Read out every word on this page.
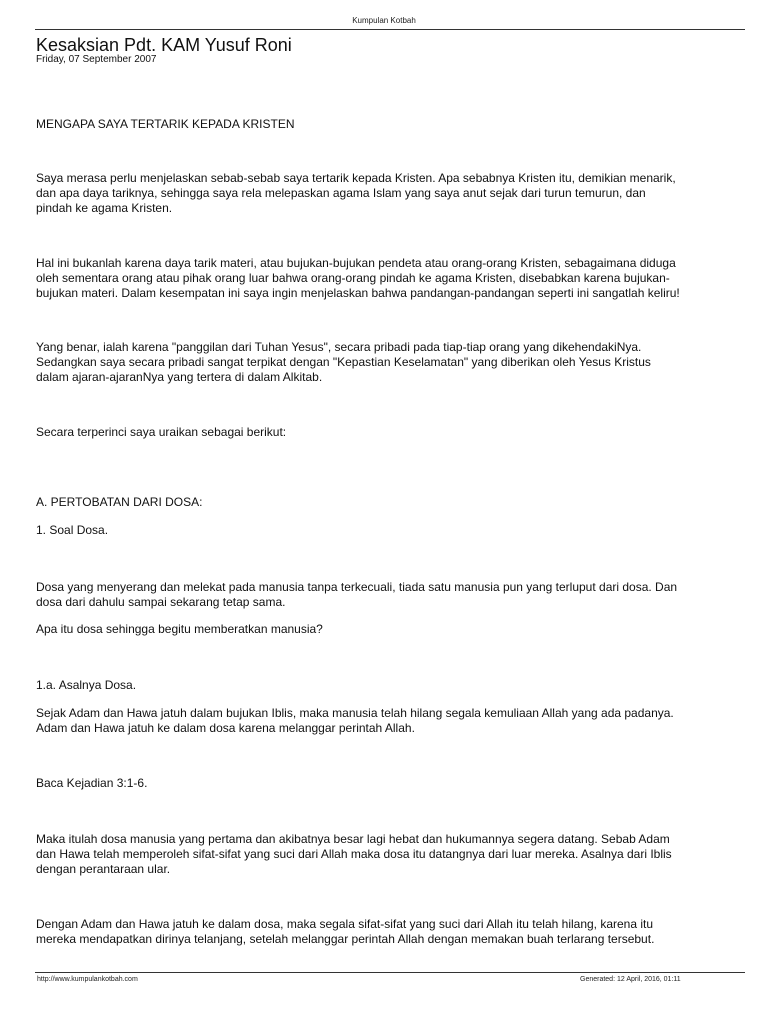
Kumpulan Kotbah
Kesaksian Pdt. KAM Yusuf Roni
Friday, 07 September 2007
MENGAPA SAYA TERTARIK KEPADA KRISTEN
Saya merasa perlu menjelaskan sebab-sebab saya tertarik kepada Kristen. Apa sebabnya Kristen itu, demikian menarik,
dan apa daya tariknya, sehingga saya rela melepaskan agama Islam yang saya anut sejak dari turun temurun, dan
pindah ke agama Kristen.
Hal ini bukanlah karena daya tarik materi, atau bujukan-bujukan pendeta atau orang-orang Kristen, sebagaimana diduga
oleh sementara orang atau pihak orang luar bahwa orang-orang pindah ke agama Kristen, disebabkan karena bujukan-
bujukan materi. Dalam kesempatan ini saya ingin menjelaskan bahwa pandangan-pandangan seperti ini sangatlah keliru!
Yang benar, ialah karena "panggilan dari Tuhan Yesus", secara pribadi pada tiap-tiap orang yang dikehendakiNya.
Sedangkan saya secara pribadi sangat terpikat dengan "Kepastian Keselamatan" yang diberikan oleh Yesus Kristus
dalam ajaran-ajaranNya yang tertera di dalam Alkitab.
Secara terperinci saya uraikan sebagai berikut:
A. PERTOBATAN DARI DOSA:
1. Soal Dosa.
Dosa yang menyerang dan melekat pada manusia tanpa terkecuali, tiada satu manusia pun yang terluput dari dosa. Dan
dosa dari dahulu sampai sekarang tetap sama.
Apa itu dosa sehingga begitu memberatkan manusia?
1.a. Asalnya Dosa.
Sejak Adam dan Hawa jatuh dalam bujukan Iblis, maka manusia telah hilang segala kemuliaan Allah yang ada padanya.
Adam dan Hawa jatuh ke dalam dosa karena melanggar perintah Allah.
Baca Kejadian 3:1-6.
Maka itulah dosa manusia yang pertama dan akibatnya besar lagi hebat dan hukumannya segera datang. Sebab Adam
dan Hawa telah memperoleh sifat-sifat yang suci dari Allah maka dosa itu datangnya dari luar mereka. Asalnya dari Iblis
dengan perantaraan ular.
Dengan Adam dan Hawa jatuh ke dalam dosa, maka segala sifat-sifat yang suci dari Allah itu telah hilang, karena itu
mereka mendapatkan dirinya telanjang, setelah melanggar perintah Allah dengan memakan buah terlarang tersebut.
http://www.kumpulankotbah.com	Generated: 12 April, 2016, 01:11
